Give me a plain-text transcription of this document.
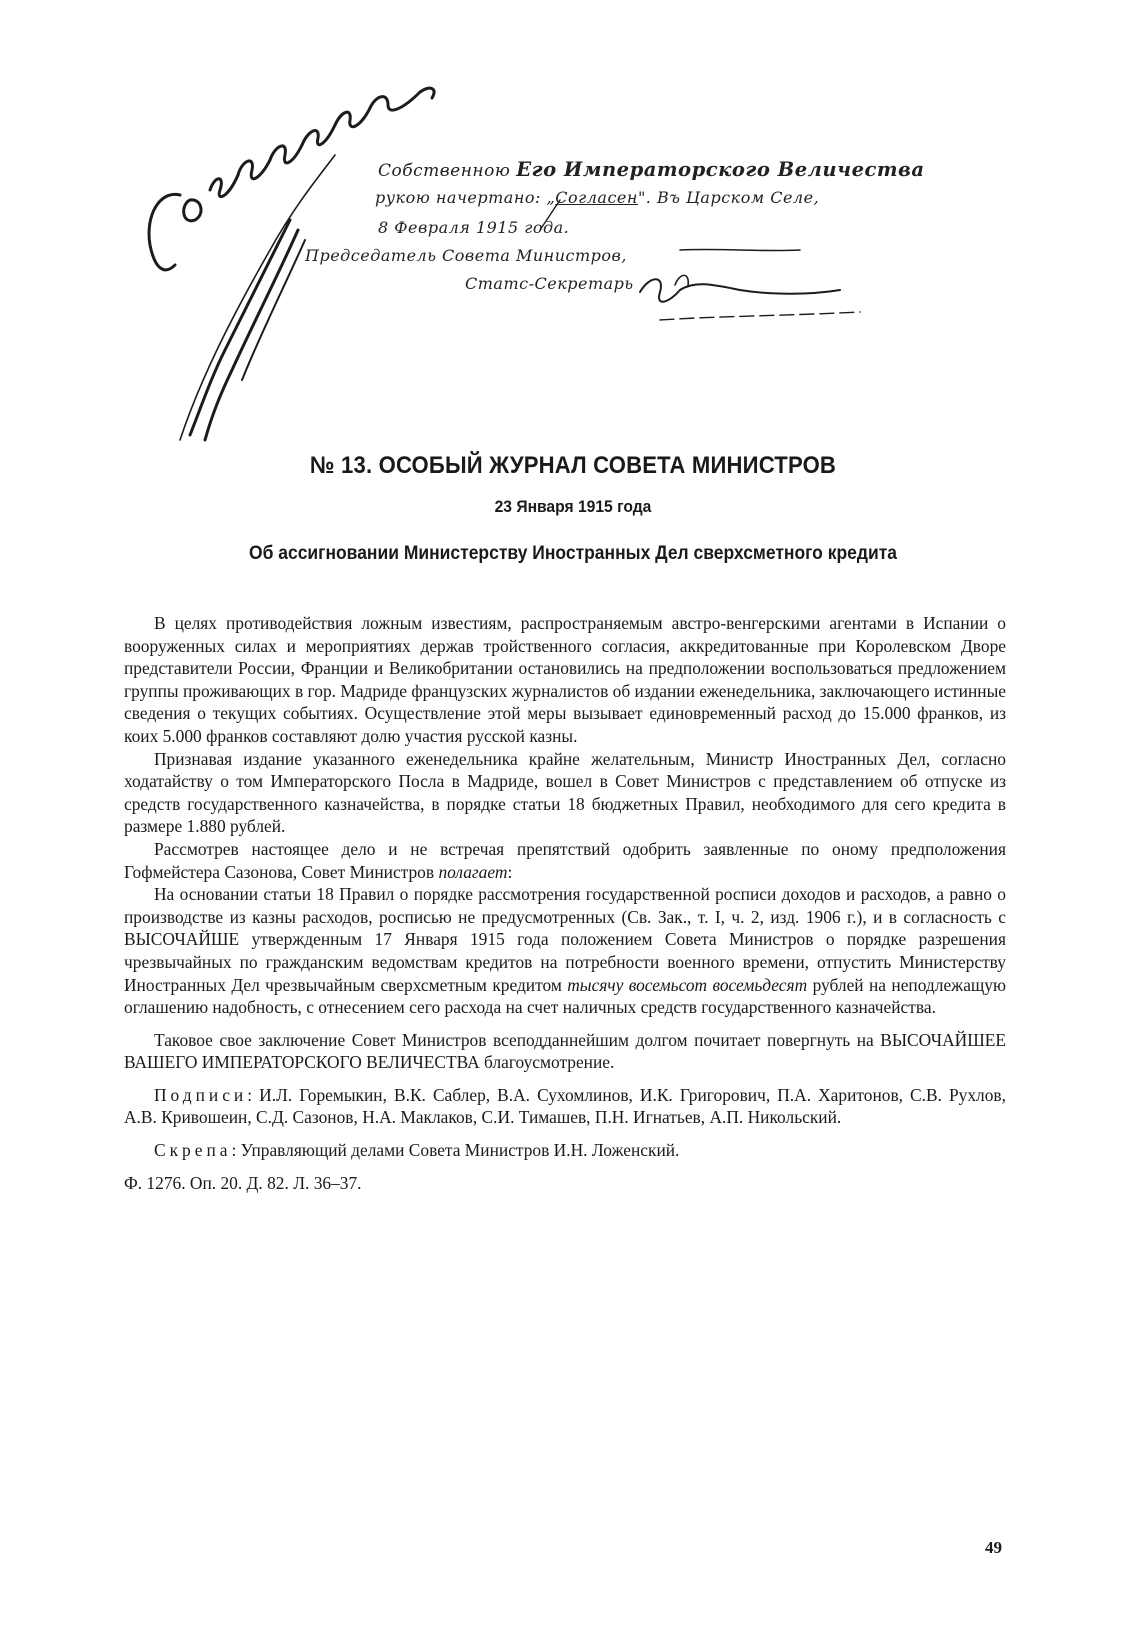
Собственною Его Императорского Величества
рукою начертано: „Согласен". Въ Царском Селе,
8 Февраля 1915 года.
Председатель Совета Министров,
Статс-Секретарь
№ 13. ОСОБЫЙ ЖУРНАЛ СОВЕТА МИНИСТРОВ
23 Января 1915 года
Об ассигновании Министерству Иностранных Дел сверхсметного кредита

В целях противодействия ложным известиям, распространяемым австро-венгерскими агентами в Испании о вооруженных силах и мероприятиях держав тройственного согласия, аккредитованные при Королевском Дворе представители России, Франции и Великобритании остановились на предположении воспользоваться предложением группы проживающих в гор. Мадриде французских журналистов об издании еженедельника, заключающего истинные сведения о текущих событиях. Осуществление этой меры вызывает единовременный расход до 15.000 франков, из коих 5.000 франков составляют долю участия русской казны.

Признавая издание указанного еженедельника крайне желательным, Министр Иностранных Дел, согласно ходатайству о том Императорского Посла в Мадриде, вошел в Совет Министров с представлением об отпуске из средств государственного казначейства, в порядке статьи 18 бюджетных Правил, необходимого для сего кредита в размере 1.880 рублей.

Рассмотрев настоящее дело и не встречая препятствий одобрить заявленные по оному предположения Гофмейстера Сазонова, Совет Министров полагает:

На основании статьи 18 Правил о порядке рассмотрения государственной росписи доходов и расходов, а равно о производстве из казны расходов, росписью не предусмотренных (Св. Зак., т. I, ч. 2, изд. 1906 г.), и в согласность с ВЫСОЧАЙШЕ утвержденным 17 Января 1915 года положением Совета Министров о порядке разрешения чрезвычайных по гражданским ведомствам кредитов на потребности военного времени, отпустить Министерству Иностранных Дел чрезвычайным сверхсметным кредитом тысячу восемьсот восемьдесят рублей на неподлежащую оглашению надобность, с отнесением сего расхода на счет наличных средств государственного казначейства.

Таковое свое заключение Совет Министров всеподданнейшим долгом почитает повергнуть на ВЫСОЧАЙШЕЕ ВАШЕГО ИМПЕРАТОРСКОГО ВЕЛИЧЕСТВА благоусмотрение.

Подписи: И.Л. Горемыкин, В.К. Саблер, В.А. Сухомлинов, И.К. Григорович, П.А. Харитонов, С.В. Рухлов, А.В. Кривошеин, С.Д. Сазонов, Н.А. Маклаков, С.И. Тимашев, П.Н. Игнатьев, А.П. Никольский.

Скрепа: Управляющий делами Совета Министров И.Н. Ложенский.

Ф. 1276. Оп. 20. Д. 82. Л. 36–37.

49
